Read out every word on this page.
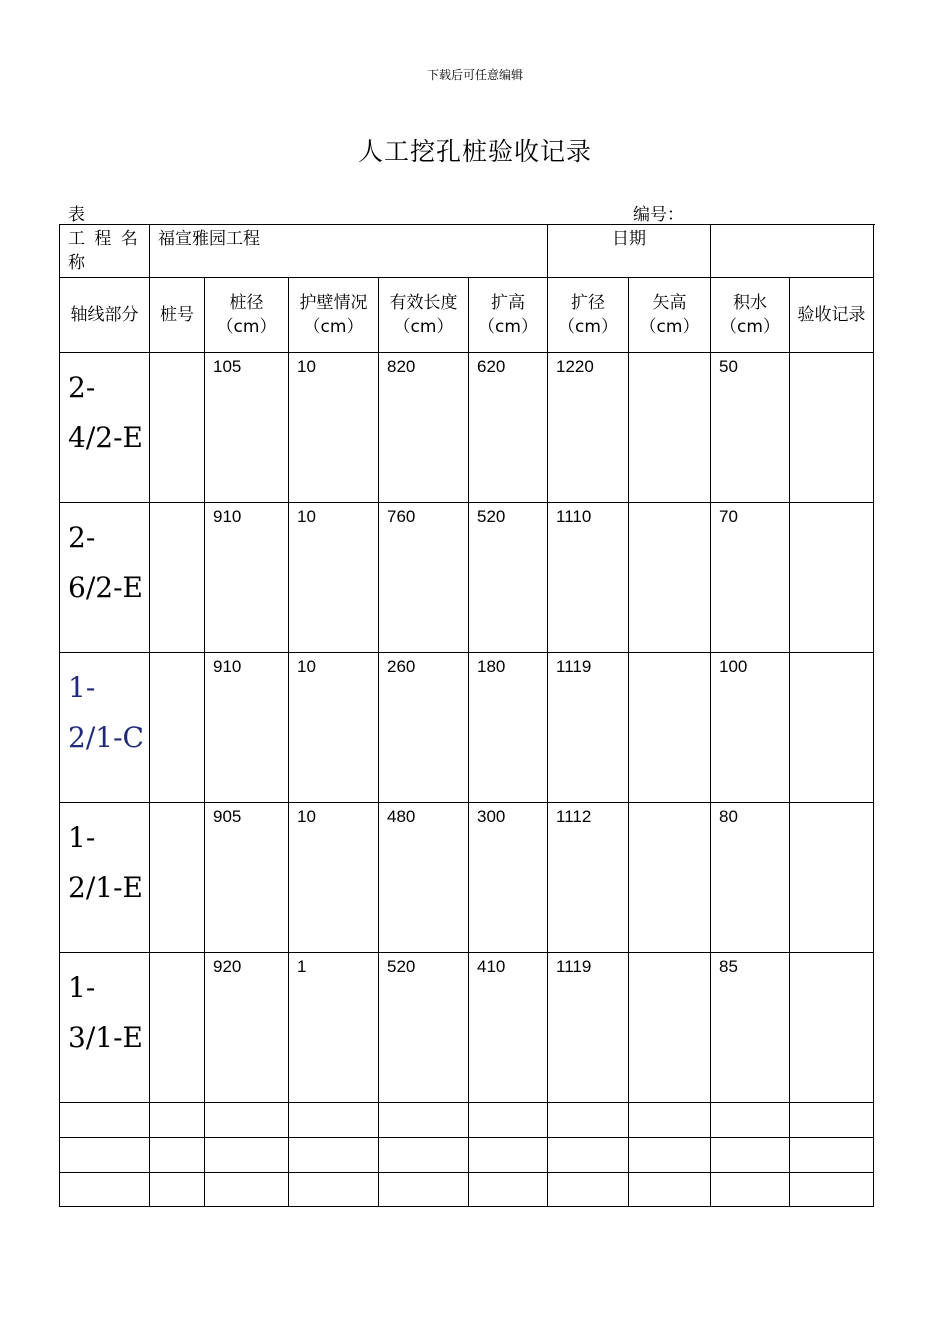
下载后可任意编辑
人工挖孔桩验收记录
表	编号：
工 程 名 称	福宣雅园工程					日期			
轴线部分	桩号	桩径（cm）	护壁情况（cm）	有效长度（cm）	扩高（cm）	扩径（cm）	矢高（cm）	积水（cm）	验收记录
2-4/2-E		105	10	820	620	1220		50	
2-6/2-E		910	10	760	520	1110		70	
1-2/1-C		910	10	260	180	1119		100	
1-2/1-E		905	10	480	300	1112		80	
1-3/1-E		920	1	520	410	1119		85	
